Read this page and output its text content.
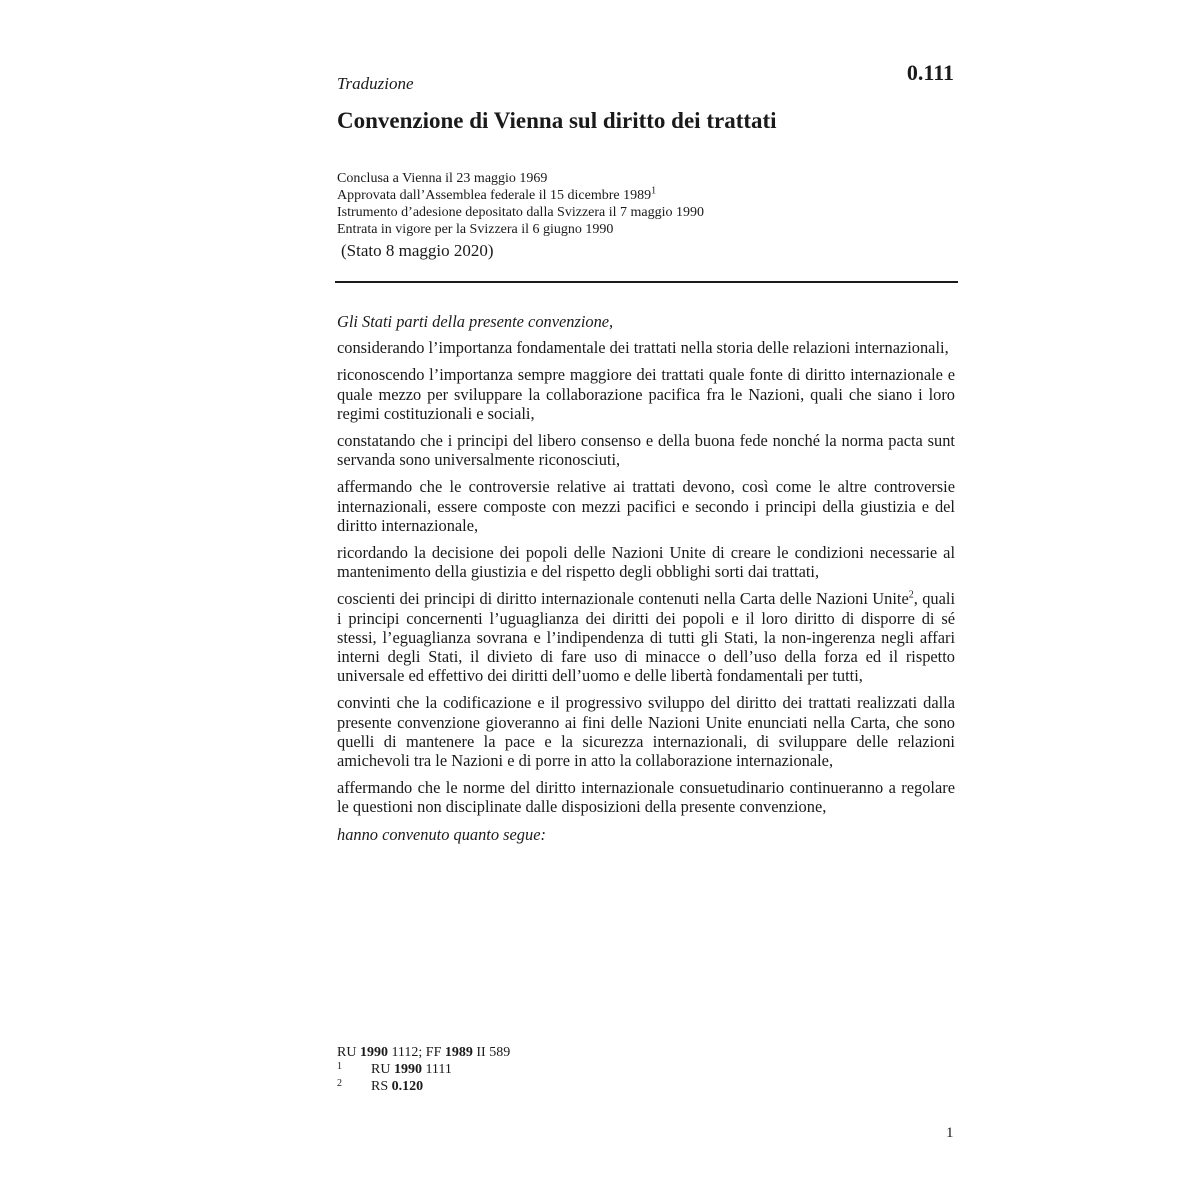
Traduzione	0.111
Convenzione di Vienna sul diritto dei trattati
Conclusa a Vienna il 23 maggio 1969
Approvata dall’Assemblea federale il 15 dicembre 1989$^1$
Istrumento d’adesione depositato dalla Svizzera il 7 maggio 1990
Entrata in vigore per la Svizzera il 6 giugno 1990
(Stato 8 maggio 2020)

Gli Stati parti della presente convenzione,

considerando l’importanza fondamentale dei trattati nella storia delle relazioni internazionali,

riconoscendo l’importanza sempre maggiore dei trattati quale fonte di diritto internazionale e quale mezzo per sviluppare la collaborazione pacifica fra le Nazioni, quali che siano i loro regimi costituzionali e sociali,

constatando che i principi del libero consenso e della buona fede nonché la norma pacta sunt servanda sono universalmente riconosciuti,

affermando che le controversie relative ai trattati devono, così come le altre controversie internazionali, essere composte con mezzi pacifici e secondo i principi della giustizia e del diritto internazionale,

ricordando la decisione dei popoli delle Nazioni Unite di creare le condizioni necessarie al mantenimento della giustizia e del rispetto degli obblighi sorti dai trattati,

coscienti dei principi di diritto internazionale contenuti nella Carta delle Nazioni Unite$^2$, quali i principi concernenti l’uguaglianza dei diritti dei popoli e il loro diritto di disporre di sé stessi, l’eguaglianza sovrana e l’indipendenza di tutti gli Stati, la non-ingerenza negli affari interni degli Stati, il divieto di fare uso di minacce o dell’uso della forza ed il rispetto universale ed effettivo dei diritti dell’uomo e delle libertà fondamentali per tutti,

convinti che la codificazione e il progressivo sviluppo del diritto dei trattati realizzati dalla presente convenzione gioveranno ai fini delle Nazioni Unite enunciati nella Carta, che sono quelli di mantenere la pace e la sicurezza internazionali, di sviluppare delle relazioni amichevoli tra le Nazioni e di porre in atto la collaborazione internazionale,

affermando che le norme del diritto internazionale consuetudinario continueranno a regolare le questioni non disciplinate dalle disposizioni della presente convenzione,

hanno convenuto quanto segue:

RU 1990 1112; FF 1989 II 589
1 RU 1990 1111
2 RS 0.120
1
